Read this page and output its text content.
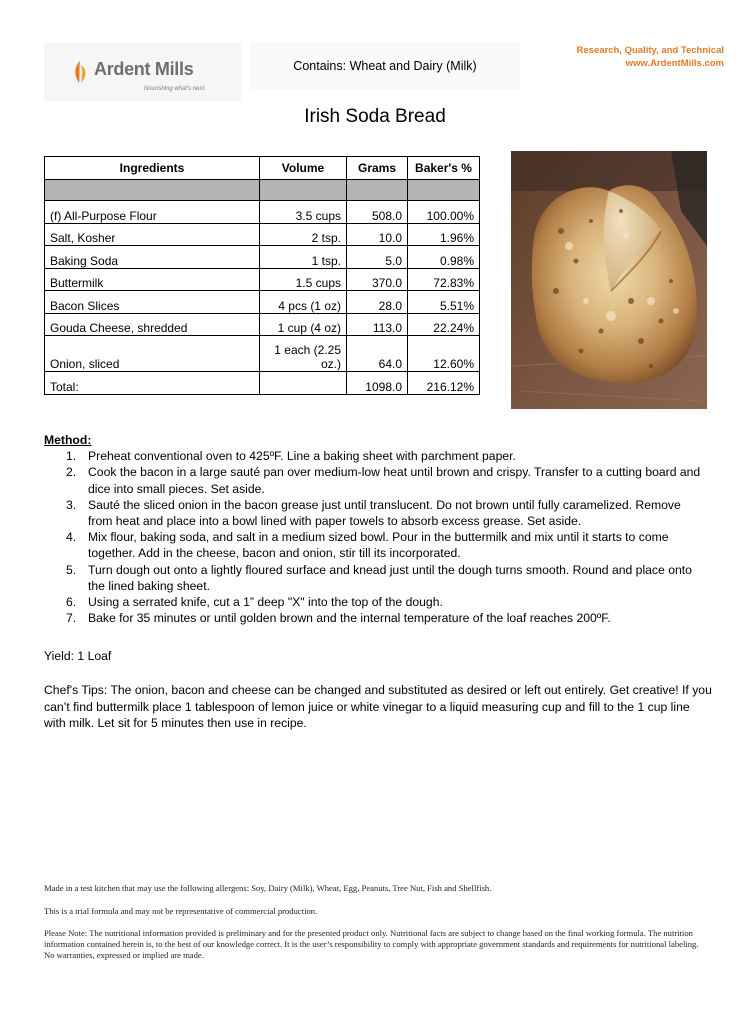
Ardent Mills
Nourishing what's next.
Contains: Wheat and Dairy (Milk)
Research, Quality, and Technical
www.ArdentMills.com
Irish Soda Bread
Ingredients	Volume	Grams	Baker's %

(f) All-Purpose Flour	3.5 cups	508.0	100.00%
Salt, Kosher	2 tsp.	10.0	1.96%
Baking Soda	1 tsp.	5.0	0.98%
Buttermilk	1.5 cups	370.0	72.83%
Bacon Slices	4 pcs (1 oz)	28.0	5.51%
Gouda Cheese, shredded	1 cup (4 oz)	113.0	22.24%
Onion, sliced	1 each (2.25 oz.)	64.0	12.60%
Total:		1098.0	216.12%
Method:
1. Preheat conventional oven to 425ºF. Line a baking sheet with parchment paper.
2. Cook the bacon in a large sauté pan over medium-low heat until brown and crispy. Transfer to a cutting board and dice into small pieces. Set aside.
3. Sauté the sliced onion in the bacon grease just until translucent. Do not brown until fully caramelized. Remove from heat and place into a bowl lined with paper towels to absorb excess grease. Set aside.
4. Mix flour, baking soda, and salt in a medium sized bowl. Pour in the buttermilk and mix until it starts to come together. Add in the cheese, bacon and onion, stir till its incorporated.
5. Turn dough out onto a lightly floured surface and knead just until the dough turns smooth. Round and place onto the lined baking sheet.
6. Using a serrated knife, cut a 1” deep "X" into the top of the dough.
7. Bake for 35 minutes or until golden brown and the internal temperature of the loaf reaches 200ºF.
Yield: 1 Loaf
Chef's Tips: The onion, bacon and cheese can be changed and substituted as desired or left out entirely. Get creative! If you can’t find buttermilk place 1 tablespoon of lemon juice or white vinegar to a liquid measuring cup and fill to the 1 cup line with milk. Let sit for 5 minutes then use in recipe.
Made in a test kitchen that may use the following allergens: Soy, Dairy (Milk), Wheat, Egg, Peanuts, Tree Nut, Fish and Shellfish.
This is a trial formula and may not be representative of commercial production.
Please Note: The nutritional information provided is preliminary and for the presented product only. Nutritional facts are subject to change based on the final working formula. The nutrition information contained herein is, to the best of our knowledge correct. It is the user’s responsibility to comply with appropriate government standards and requirements for nutritional labeling. No warranties, expressed or implied are made.
